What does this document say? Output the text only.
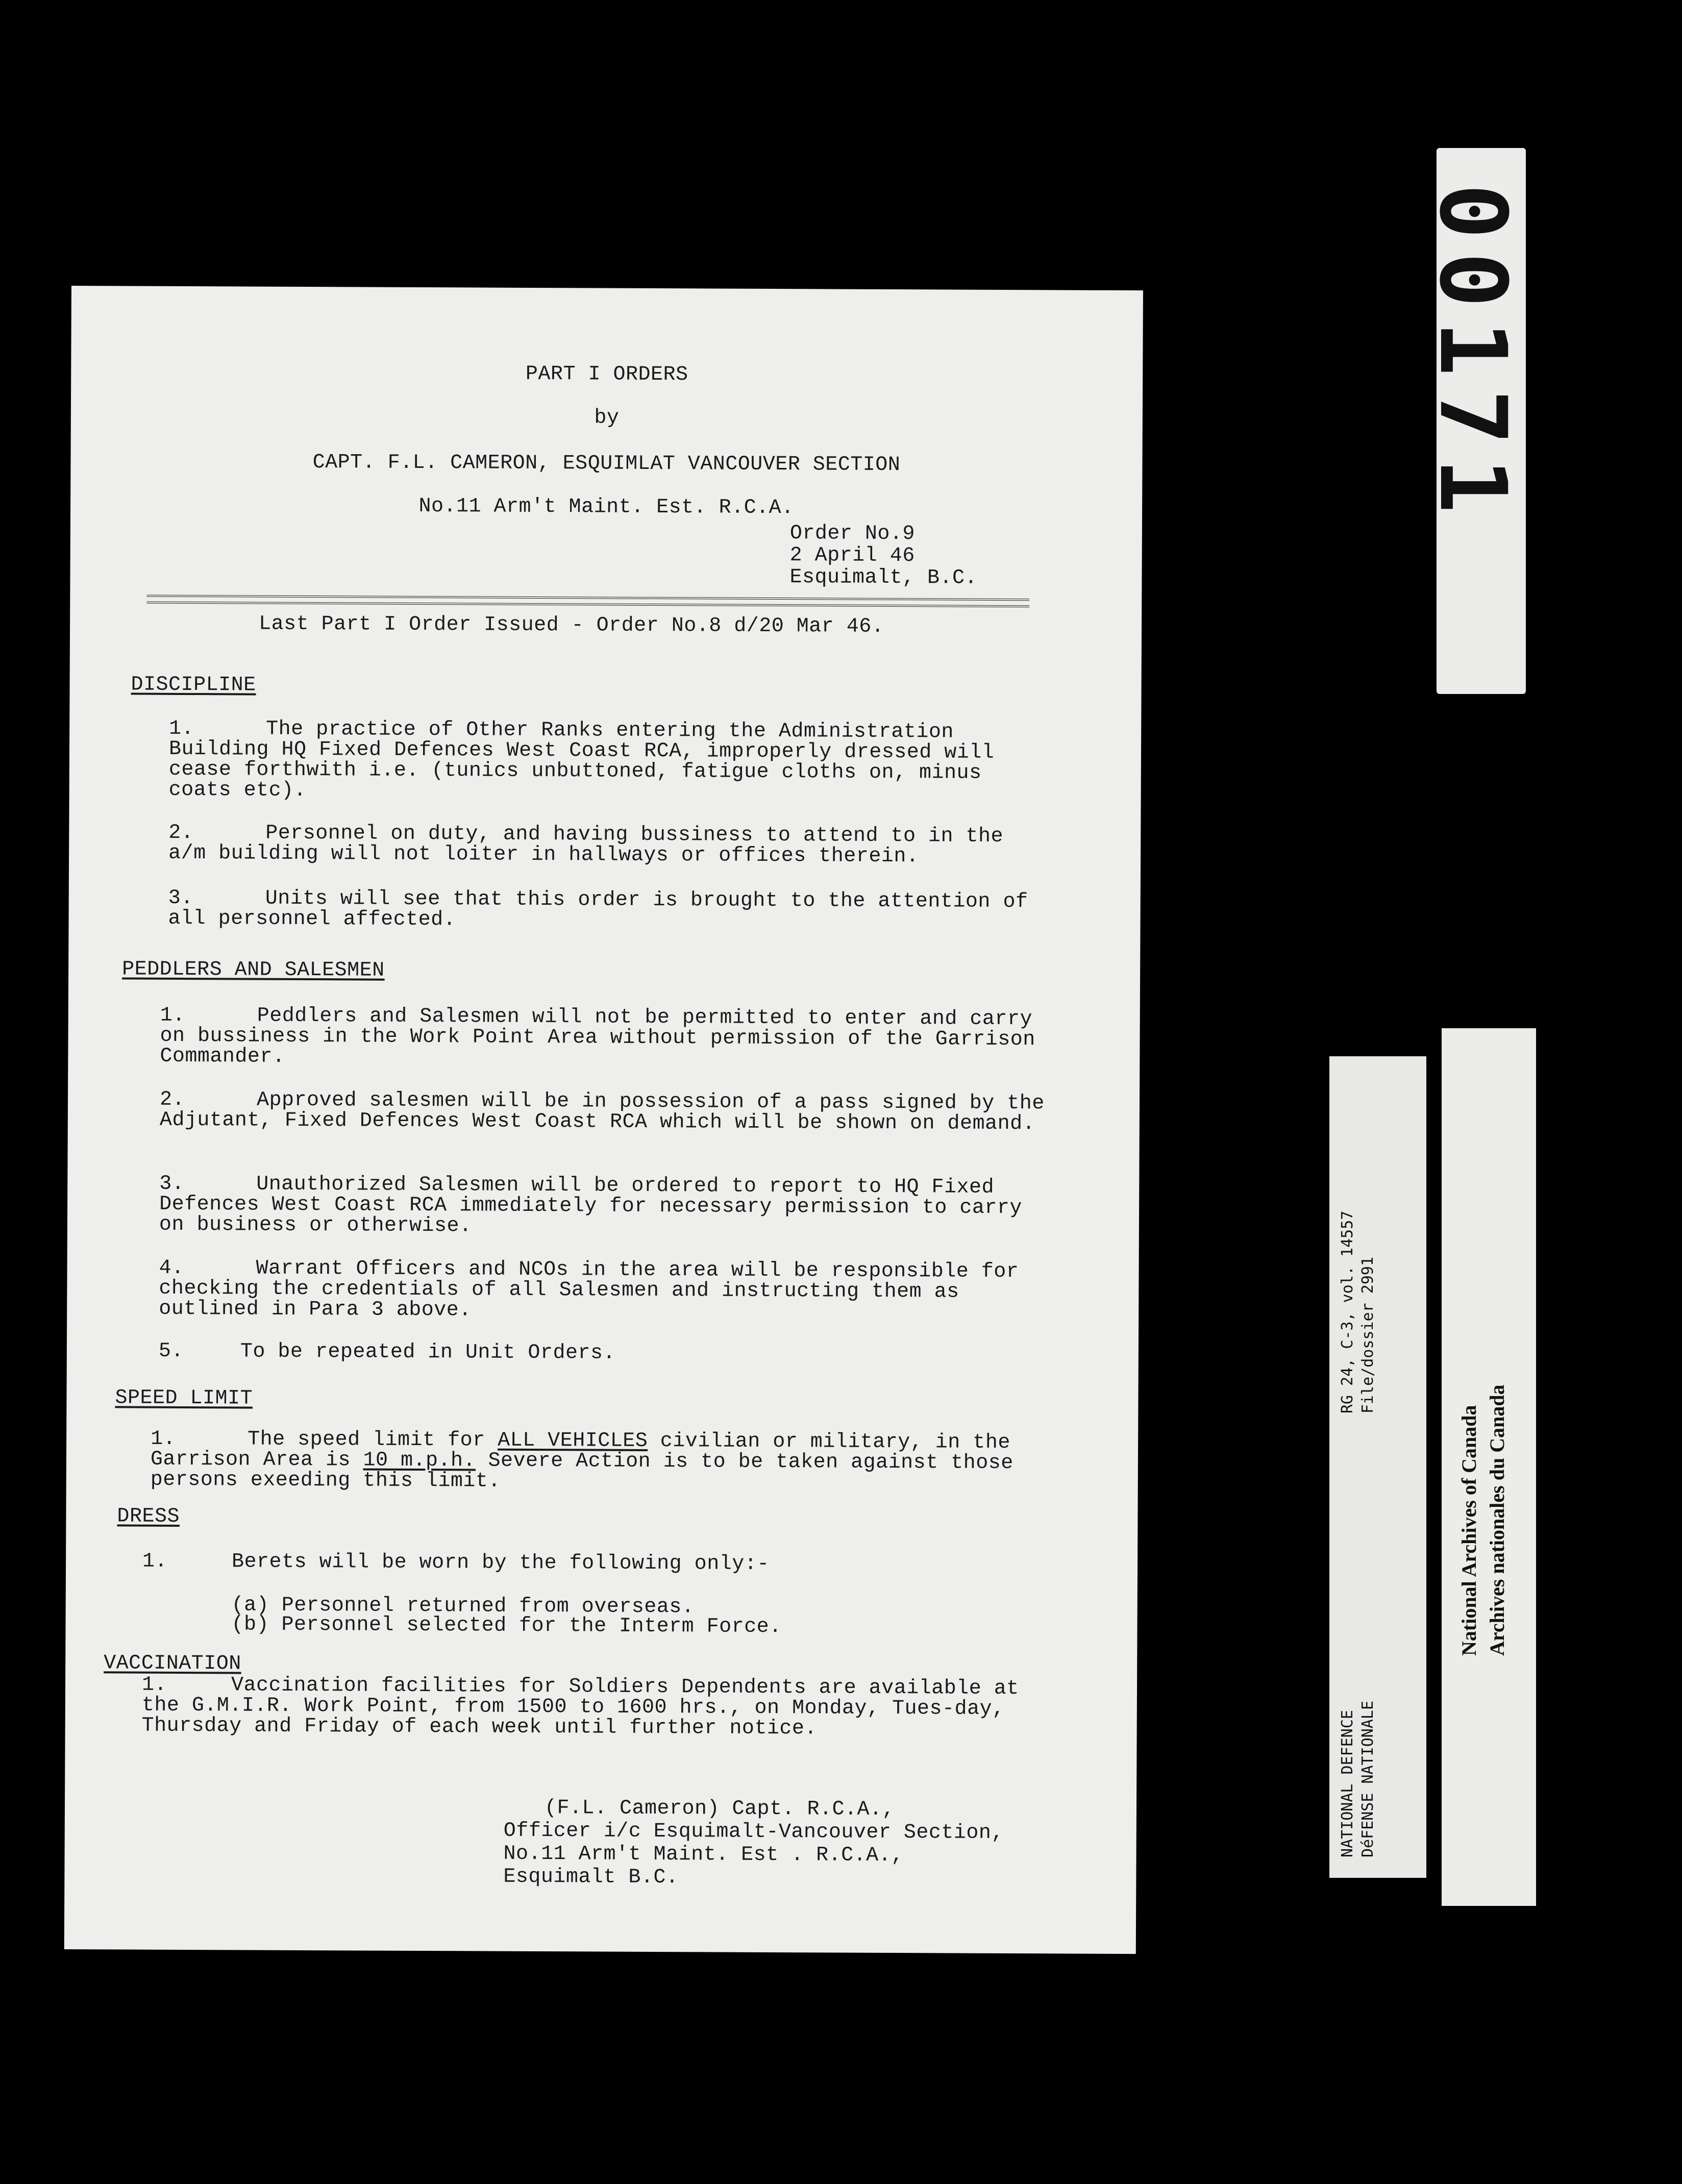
PART I ORDERS
by
CAPT. F.L. CAMERON, ESQUIMLAT VANCOUVER SECTION
No.11 Arm't Maint. Est. R.C.A.
Order No.9
2 April 46
Esquimalt, B.C.
Last Part I Order Issued - Order No.8 d/20 Mar 46.
DISCIPLINE
1.	The practice of Other Ranks entering the Administration Building HQ Fixed Defences West Coast RCA, improperly dressed will cease forthwith i.e. (tunics unbuttoned, fatigue cloths on, minus coats etc).
2.	Personnel on duty, and having bussiness to attend to in the a/m building will not loiter in hallways or offices therein.
3.	Units will see that this order is brought to the attention of all personnel affected.
PEDDLERS AND SALESMEN
1.	Peddlers and Salesmen will not be permitted to enter and carry on bussiness in the Work Point Area without permission of the Garrison Commander.
2.	Approved salesmen will be in possession of a pass signed by the Adjutant, Fixed Defences West Coast RCA which will be shown on demand.
3.	Unauthorized Salesmen will be ordered to report to HQ Fixed Defences West Coast RCA immediately for necessary permission to carry on business or otherwise.
4.	Warrant Officers and NCOs in the area will be responsible for checking the credentials of all Salesmen and instructing them as outlined in Para 3 above.
5.	To be repeated in Unit Orders.
SPEED LIMIT
1.	The speed limit for ALL VEHICLES civilian or military, in the Garrison Area is 10 m.p.h. Severe Action is to be taken against those persons exeeding this limit.
DRESS
1.	Berets will be worn by the following only:-
(a) Personnel returned from overseas.
(b) Personnel selected for the Interm Force.
VACCINATION
1.	Vaccination facilities for Soldiers Dependents are available at the G.M.I.R. Work Point, from 1500 to 1600 hrs., on Monday, Tues-day, Thursday and Friday of each week until further notice.
(F.L. Cameron) Capt. R.C.A.,
Officer i/c Esquimalt-Vancouver Section,
No.11 Arm't Maint. Est . R.C.A.,
Esquimalt B.C.
00171
RG 24, C-3, vol. 14557 File/dossier 2991
NATIONAL DEFENCE DéFENSE NATIONALE
National Archives of Canada Archives nationales du Canada
